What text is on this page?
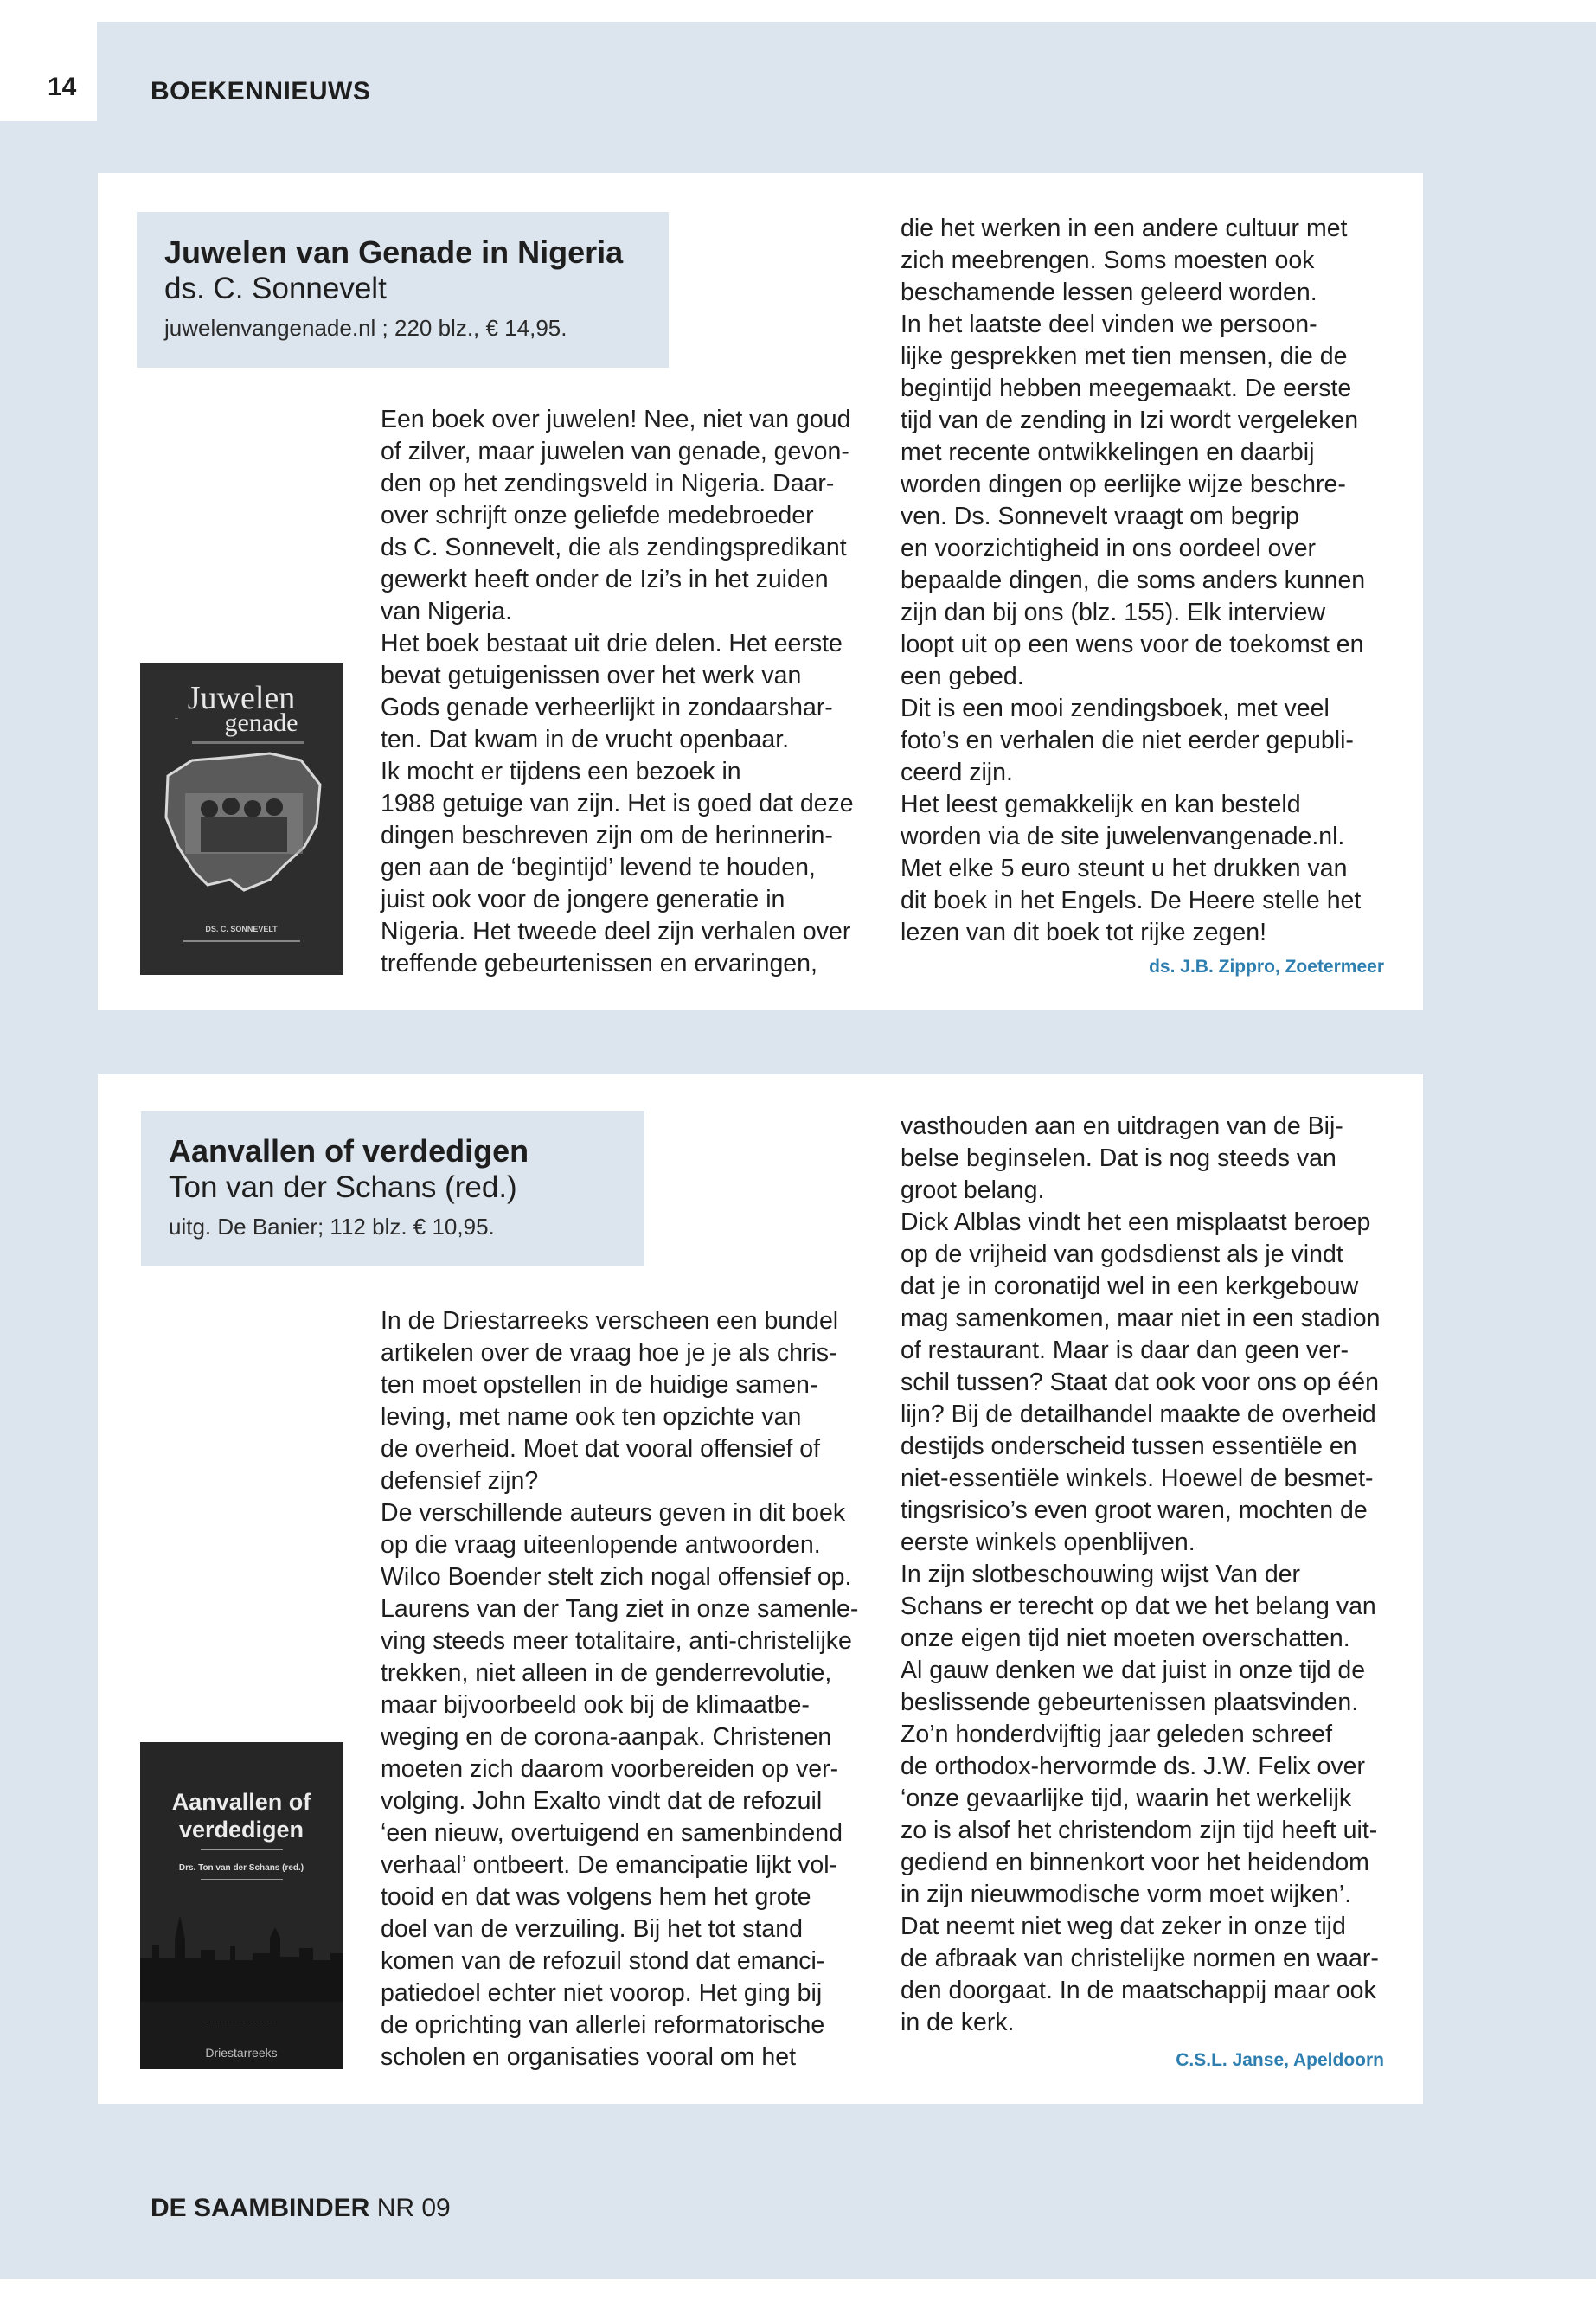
14	BOEKENNIEUWS
Juwelen van Genade in Nigeria
ds. C. Sonnevelt
juwelenvangenade.nl ; 220 blz., € 14,95.
Juwelen
~ genade
DS. C. SONNEVELT

Een boek over juwelen! Nee, niet van goud

of zilver, maar juwelen van genade, gevon-

den op het zendingsveld in Nigeria. Daar-

over schrijft onze geliefde medebroeder

ds C. Sonnevelt, die als zendingspredikant

gewerkt heeft onder de Izi’s in het zuiden

van Nigeria.

Het boek bestaat uit drie delen. Het eerste

bevat getuigenissen over het werk van

Gods genade verheerlijkt in zondaarshar-

ten. Dat kwam in de vrucht openbaar.

Ik mocht er tijdens een bezoek in

1988 getuige van zijn. Het is goed dat deze

dingen beschreven zijn om de herinnerin-

gen aan de ‘begintijd’ levend te houden,

juist ook voor de jongere generatie in

Nigeria. Het tweede deel zijn verhalen over

treffende gebeurtenissen en ervaringen,

die het werken in een andere cultuur met

zich meebrengen. Soms moesten ook

beschamende lessen geleerd worden.

In het laatste deel vinden we persoon-

lijke gesprekken met tien mensen, die de

begintijd hebben meegemaakt. De eerste

tijd van de zending in Izi wordt vergeleken

met recente ontwikkelingen en daarbij

worden dingen op eerlijke wijze beschre-

ven. Ds. Sonnevelt vraagt om begrip

en voorzichtigheid in ons oordeel over

bepaalde dingen, die soms anders kunnen

zijn dan bij ons (blz. 155). Elk interview

loopt uit op een wens voor de toekomst en

een gebed.

Dit is een mooi zendingsboek, met veel

foto’s en verhalen die niet eerder gepubli-

ceerd zijn.

Het leest gemakkelijk en kan besteld

worden via de site juwelenvangenade.nl.

Met elke 5 euro steunt u het drukken van

dit boek in het Engels. De Heere stelle het

lezen van dit boek tot rijke zegen!

ds. J.B. Zippro, Zoetermeer
Aanvallen of verdedigen
Ton van der Schans (red.)
uitg. De Banier; 112 blz. € 10,95.
Aanvallen of
verdedigen
Drs. Ton van der Schans (red.)
~~~~~~~~~~~~~~~~~~~~
Driestarreeks

In de Driestarreeks verscheen een bundel

artikelen over de vraag hoe je je als chris-

ten moet opstellen in de huidige samen-

leving, met name ook ten opzichte van

de overheid. Moet dat vooral offensief of

defensief zijn?

De verschillende auteurs geven in dit boek

op die vraag uiteenlopende antwoorden.

Wilco Boender stelt zich nogal offensief op.

Laurens van der Tang ziet in onze samenle-

ving steeds meer totalitaire, anti-christelijke

trekken, niet alleen in de genderrevolutie,

maar bijvoorbeeld ook bij de klimaatbe-

weging en de corona-aanpak. Christenen

moeten zich daarom voorbereiden op ver-

volging. John Exalto vindt dat de refozuil

‘een nieuw, overtuigend en samenbindend

verhaal’ ontbeert. De emancipatie lijkt vol-

tooid en dat was volgens hem het grote

doel van de verzuiling. Bij het tot stand

komen van de refozuil stond dat emanci-

patiedoel echter niet voorop. Het ging bij

de oprichting van allerlei reformatorische

scholen en organisaties vooral om het

vasthouden aan en uitdragen van de Bij-

belse beginselen. Dat is nog steeds van

groot belang.

Dick Alblas vindt het een misplaatst beroep

op de vrijheid van godsdienst als je vindt

dat je in coronatijd wel in een kerkgebouw

mag samenkomen, maar niet in een stadion

of restaurant. Maar is daar dan geen ver-

schil tussen? Staat dat ook voor ons op één

lijn? Bij de detailhandel maakte de overheid

destijds onderscheid tussen essentiële en

niet-essentiële winkels. Hoewel de besmet-

tingsrisico’s even groot waren, mochten de

eerste winkels openblijven.

In zijn slotbeschouwing wijst Van der

Schans er terecht op dat we het belang van

onze eigen tijd niet moeten overschatten.

Al gauw denken we dat juist in onze tijd de

beslissende gebeurtenissen plaatsvinden.

Zo’n honderdvijftig jaar geleden schreef

de orthodox-hervormde ds. J.W. Felix over

‘onze gevaarlijke tijd, waarin het werkelijk

zo is alsof het christendom zijn tijd heeft uit-

gediend en binnenkort voor het heidendom

in zijn nieuwmodische vorm moet wijken’.

Dat neemt niet weg dat zeker in onze tijd

de afbraak van christelijke normen en waar-

den doorgaat. In de maatschappij maar ook

in de kerk.

C.S.L. Janse, Apeldoorn
DE SAAMBINDER NR 09
